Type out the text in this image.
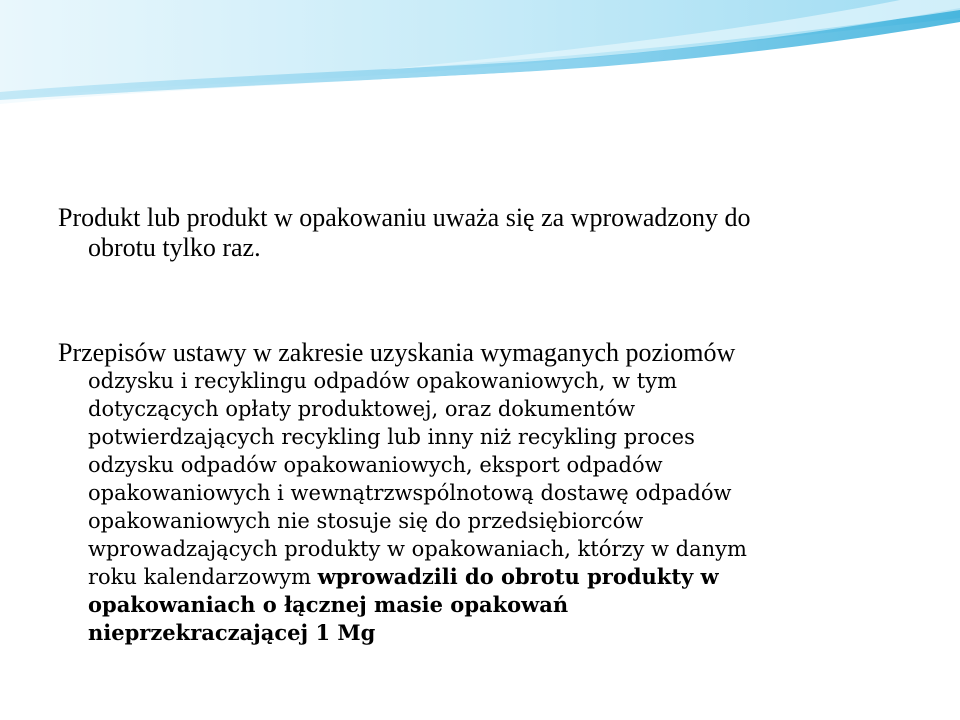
Produkt lub produkt w opakowaniu uważa się za wprowadzony do
obrotu tylko raz.

Przepisów ustawy w zakresie uzyskania wymaganych poziomów
odzysku i recyklingu odpadów opakowaniowych, w tym
dotyczących opłaty produktowej, oraz dokumentów
potwierdzających recykling lub inny niż recykling proces
odzysku odpadów opakowaniowych, eksport odpadów
opakowaniowych i wewnątrzwspólnotową dostawę odpadów
opakowaniowych nie stosuje się do przedsiębiorców
wprowadzających produkty w opakowaniach, którzy w danym
roku kalendarzowym wprowadzili do obrotu produkty w
opakowaniach o łącznej masie opakowań
nieprzekraczającej 1 Mg
